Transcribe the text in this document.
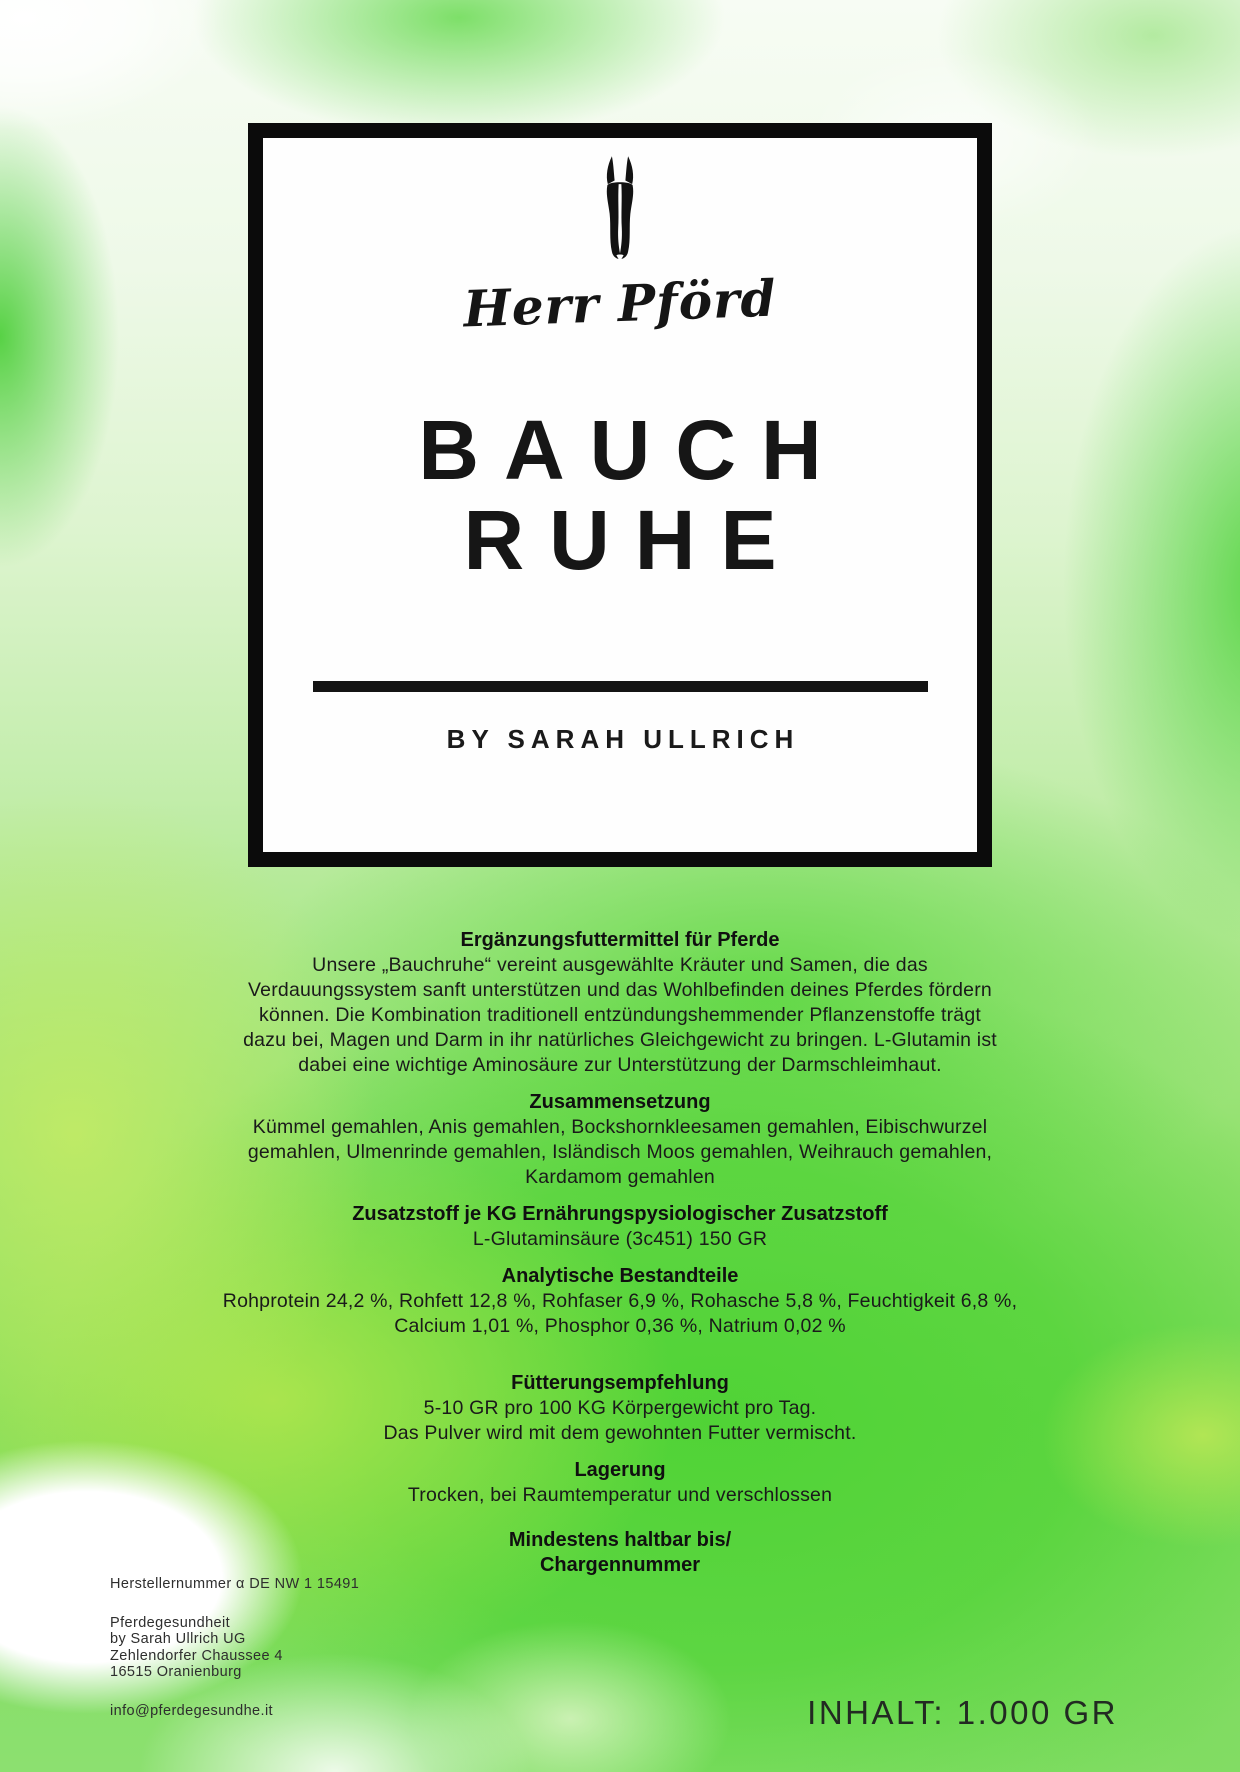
Herr Pförd
BAUCH
RUHE
BY SARAH ULLRICH
Ergänzungsfuttermittel für Pferde
Unsere „Bauchruhe“ vereint ausgewählte Kräuter und Samen, die das
Verdauungssystem sanft unterstützen und das Wohlbefinden deines Pferdes fördern
können. Die Kombination traditionell entzündungshemmender Pflanzenstoffe trägt
dazu bei, Magen und Darm in ihr natürliches Gleichgewicht zu bringen. L-Glutamin ist
dabei eine wichtige Aminosäure zur Unterstützung der Darmschleimhaut.
Zusammensetzung
Kümmel gemahlen, Anis gemahlen, Bockshornkleesamen gemahlen, Eibischwurzel
gemahlen, Ulmenrinde gemahlen, Isländisch Moos gemahlen, Weihrauch gemahlen,
Kardamom gemahlen
Zusatzstoff je KG Ernährungspysiologischer Zusatzstoff
L-Glutaminsäure (3c451) 150 GR
Analytische Bestandteile
Rohprotein 24,2 %, Rohfett 12,8 %, Rohfaser 6,9 %, Rohasche 5,8 %, Feuchtigkeit 6,8 %,
Calcium 1,01 %, Phosphor 0,36 %, Natrium 0,02 %
Fütterungsempfehlung
5-10 GR pro 100 KG Körpergewicht pro Tag.
Das Pulver wird mit dem gewohnten Futter vermischt.
Lagerung
Trocken, bei Raumtemperatur und verschlossen
Mindestens haltbar bis/
Chargennummer
Herstellernummer α DE NW 1 15491
Pferdegesundheit
by Sarah Ullrich UG
Zehlendorfer Chaussee 4
16515 Oranienburg
info@pferdegesundhe.it	INHALT: 1.000 GR
